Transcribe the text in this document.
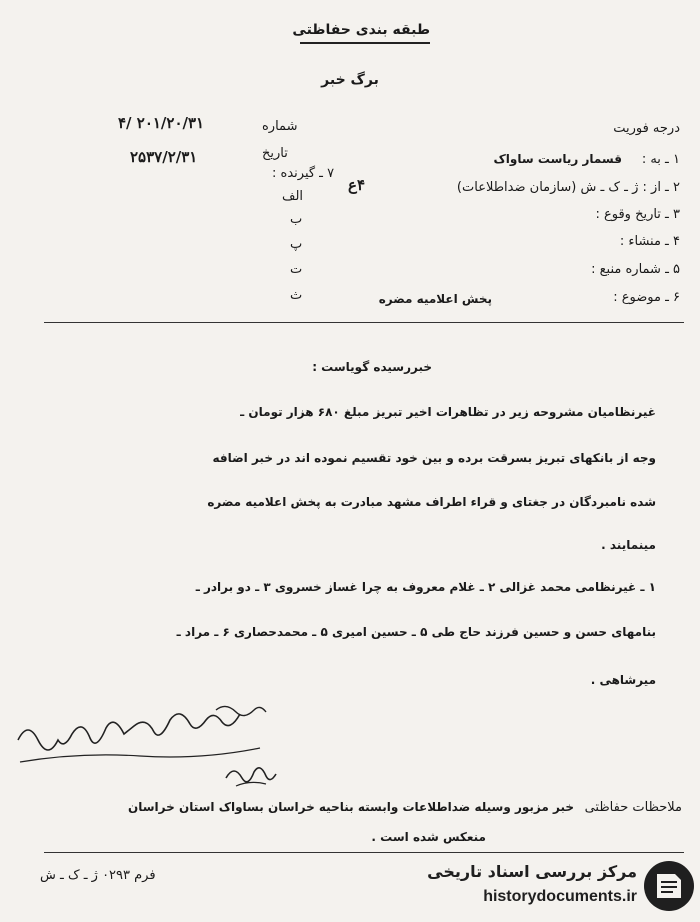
طبقه بندی حفاظتی
برگ خبر
درجه فوریت
شماره
۴/ ۲۰۱/۲۰/۳۱
تاریخ
۲۵۳۷/۲/۳۱	۱ ـ به :
قسمار ریاست ساواک
۲ ـ از : ژ ـ ک ـ ش (سازمان ضداطلاعات)
۴ع
۳ ـ تاریخ وقوع :
۴ ـ منشاء :
۵ ـ شماره منبع :
۶ ـ موضوع :
پخش اعلامیه مضره
۷ ـ گیرنده :
الف
ب
پ
ت
ث
خبررسیده گویاست :
غیرنظامیان مشروحه زیر در تظاهرات اخیر تبریز مبلغ ۶۸۰ هزار تومان ـ
وجه از بانکهای تبریز بسرقت برده و بین خود تقسیم نموده اند در خبر اضافه
شده نامبردگان در جغتای و قراء اطراف مشهد مبادرت به پخش اعلامیه مضره
مینمایند .
۱ ـ غیرنظامی محمد غزالی ۲ ـ غلام معروف به چرا غساز خسروی ۳ ـ دو برادر ـ
بنامهای حسن و حسین فرزند حاج طی ۵ ـ حسین امیری ۵ ـ محمدحصاری ۶ ـ مراد ـ
میرشاهی .
ملاحظات حفاظتی
خبر مزبور وسیله ضداطلاعات وابسته بناحیه خراسان بساواک استان خراسان
منعکس شده است .
فرم ۰۲۹۳ ژ ـ ک ـ ش	مرکز بررسی اسناد تاریخی
historydocuments.ir
